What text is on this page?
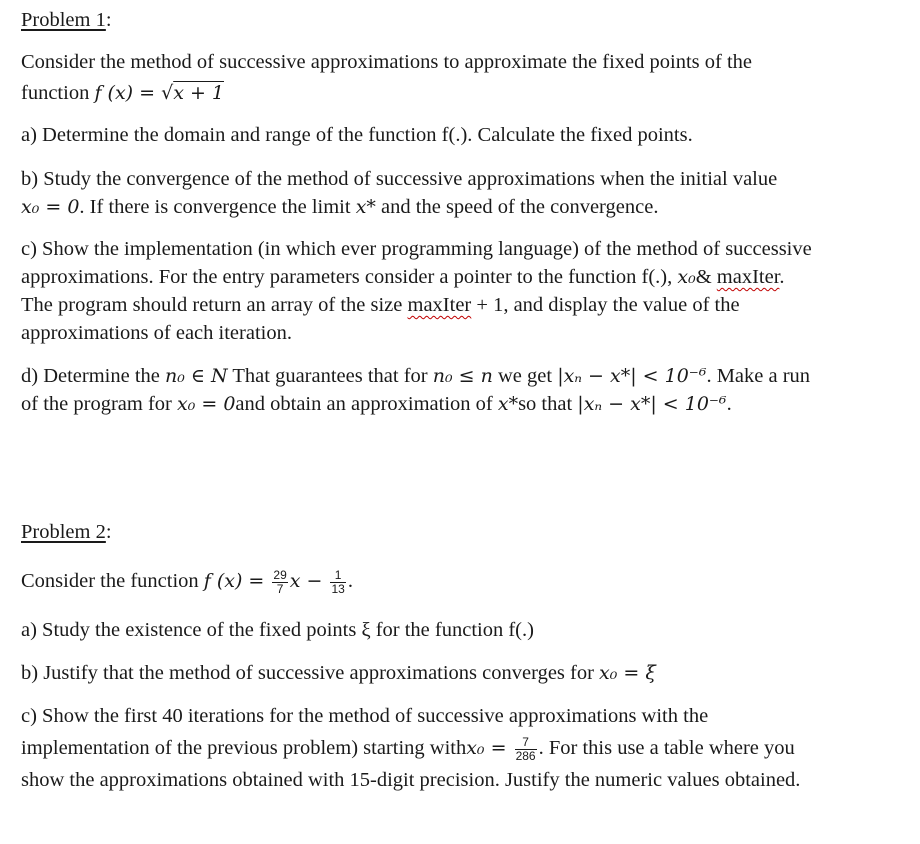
Problem 1:
Consider the method of successive approximations to approximate the fixed points of the
function f (x) = √x + 1
a) Determine the domain and range of the function f(.). Calculate the fixed points.
b) Study the convergence of the method of successive approximations when the initial value
x₀ = 0. If there is convergence the limit x* and the speed of the convergence.
c) Show the implementation (in which ever programming language) of the method of successive
approximations. For the entry parameters consider a pointer to the function f(.), x₀& maxIter.
The program should return an array of the size maxIter + 1, and display the value of the
approximations of each iteration.
d) Determine the n₀ ∈ N That guarantees that for n₀ ≤ n we get |xₙ − x*| < 10⁻⁶. Make a run
of the program for x₀ = 0and obtain an approximation of x*so that |xₙ − x*| < 10⁻⁶.
Problem 2:
Consider the function f $(x) = \frac{29}{7}$ $x - \frac{1}{13}$ .
a) Study the existence of the fixed points ξ for the function f(.)
b) Justify that the method of successive approximations converges for x₀ = ξ
c) Show the first 40 iterations for the method of successive approximations with the
implementation of the previous problem) starting withx₀ = $\frac{7}{286}$ . For this use a table where you
show the approximations obtained with 15-digit precision. Justify the numeric values obtained.
